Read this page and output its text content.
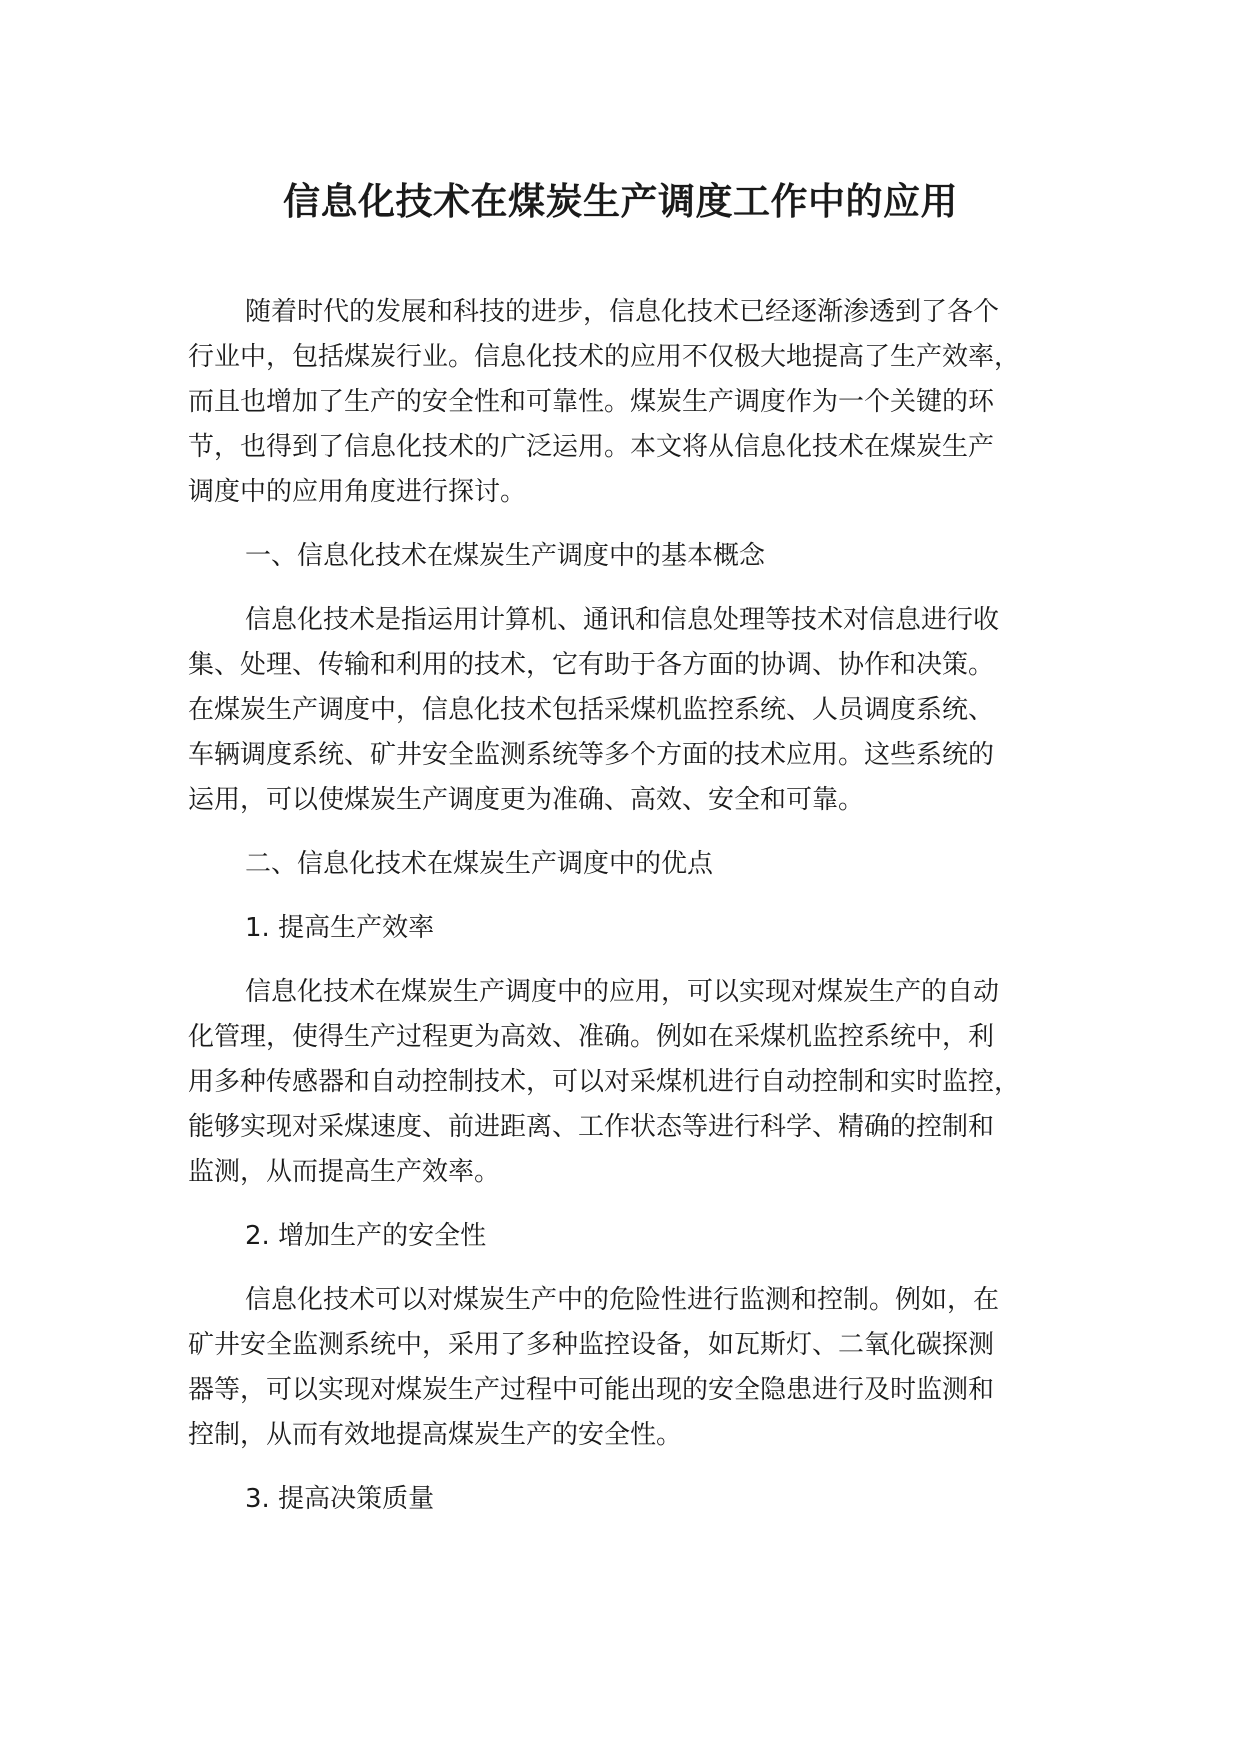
信息化技术在煤炭生产调度工作中的应用

随着时代的发展和科技的进步，信息化技术已经逐渐渗透到了各个
行业中，包括煤炭行业。信息化技术的应用不仅极大地提高了生产效率，
而且也增加了生产的安全性和可靠性。煤炭生产调度作为一个关键的环
节，也得到了信息化技术的广泛运用。本文将从信息化技术在煤炭生产
调度中的应用角度进行探讨。

一、信息化技术在煤炭生产调度中的基本概念

信息化技术是指运用计算机、通讯和信息处理等技术对信息进行收
集、处理、传输和利用的技术，它有助于各方面的协调、协作和决策。
在煤炭生产调度中，信息化技术包括采煤机监控系统、人员调度系统、
车辆调度系统、矿井安全监测系统等多个方面的技术应用。这些系统的
运用，可以使煤炭生产调度更为准确、高效、安全和可靠。

二、信息化技术在煤炭生产调度中的优点

1. 提高生产效率

信息化技术在煤炭生产调度中的应用，可以实现对煤炭生产的自动
化管理，使得生产过程更为高效、准确。例如在采煤机监控系统中，利
用多种传感器和自动控制技术，可以对采煤机进行自动控制和实时监控，
能够实现对采煤速度、前进距离、工作状态等进行科学、精确的控制和
监测，从而提高生产效率。

2. 增加生产的安全性

信息化技术可以对煤炭生产中的危险性进行监测和控制。例如，在
矿井安全监测系统中，采用了多种监控设备，如瓦斯灯、二氧化碳探测
器等，可以实现对煤炭生产过程中可能出现的安全隐患进行及时监测和
控制，从而有效地提高煤炭生产的安全性。

3. 提高决策质量
